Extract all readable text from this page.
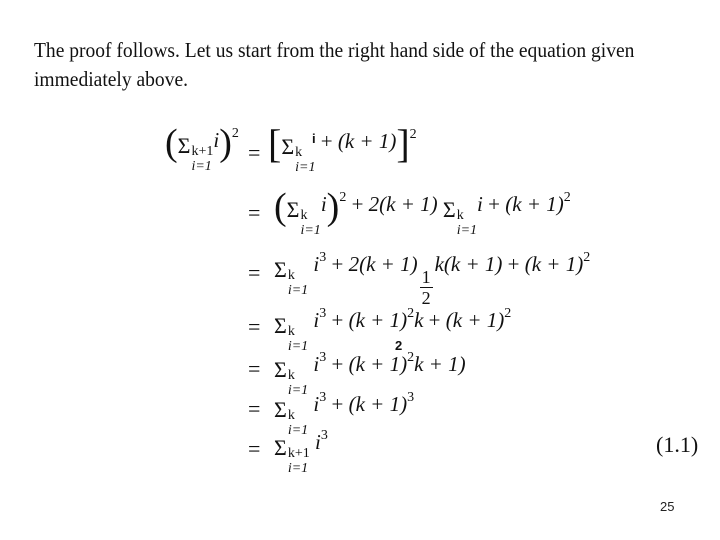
The proof follows. Let us start from the right hand side of the equation given immediately above.
(Σ k+1
i=1
i)$^2$
= [Σ k
i=1
+ (k + 1)]$^2$
i
= (Σ k
i=1
i)$^2$ + 2(k + 1) Σ k
i=1
$i + (k + 1)^2$
= Σ k
i=1
$i^3 + 2(k + 1)$
$\frac{1}{2}$
$k(k + 1) + (k + 1)^2$
= Σ k
i=1
$i^3 + (k + 1)^2k + (k + 1)^2$
2
= Σ k
i=1
$i^3 + (k + 1)^2k + 1$)
= Σ k
i=1
$i^3 + (k + 1)^3$
= Σ k+1
i=1
$i^3$	(1.1)
25
